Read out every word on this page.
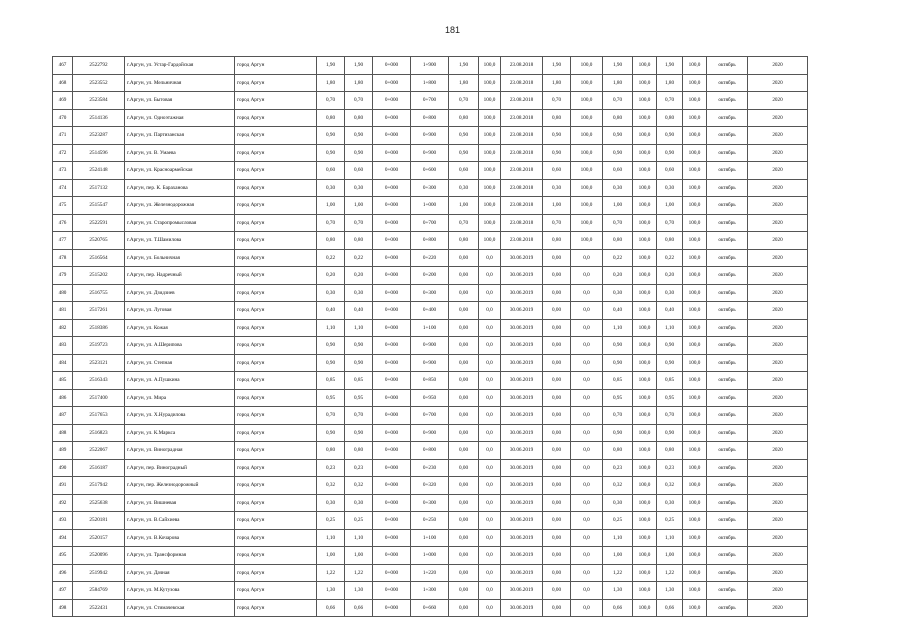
181
467	2522792	г.Аргун, ул. Устар-Гардойская	город Аргун	1,90	1,90	0+000	1+900	1,90	100,0	23.08.2018	1,90	100,0	1,90	100,0	1,90	100,0	октябрь	2020
468	2523552	г.Аргун, ул. Мельничная	город Аргун	1,80	1,80	0+000	1+800	1,80	100,0	23.08.2018	1,80	100,0	1,80	100,0	1,80	100,0	октябрь	2020
469	2523584	г.Аргун, ул. Бытовая	город Аргун	0,70	0,70	0+000	0+700	0,70	100,0	23.08.2018	0,70	100,0	0,70	100,0	0,70	100,0	октябрь	2020
470	2514136	г.Аргун, ул. Одноэтажная	город Аргун	0,80	0,80	0+000	0+800	0,80	100,0	23.08.2018	0,80	100,0	0,80	100,0	0,80	100,0	октябрь	2020
471	2523287	г.Аргун, ул. Партизанская	город Аргун	0,90	0,90	0+000	0+900	0,90	100,0	23.08.2018	0,90	100,0	0,90	100,0	0,90	100,0	октябрь	2020
472	2514596	г.Аргун, ул. В. Умаева	город Аргун	0,90	0,90	0+000	0+900	0,90	100,0	23.08.2018	0,90	100,0	0,90	100,0	0,90	100,0	октябрь	2020
473	2524148	г.Аргун, ул. Красноармейская	город Аргун	0,60	0,60	0+000	0+600	0,60	100,0	23.08.2018	0,60	100,0	0,60	100,0	0,60	100,0	октябрь	2020
474	2517132	г.Аргун, пер. К. Бараханова	город Аргун	0,30	0,30	0+000	0+300	0,30	100,0	23.08.2018	0,30	100,0	0,30	100,0	0,30	100,0	октябрь	2020
475	2515547	г.Аргун, ул. Железнодорожная	город Аргун	1,00	1,00	0+000	1+000	1,00	100,0	23.08.2018	1,00	100,0	1,00	100,0	1,00	100,0	октябрь	2020
476	2522591	г.Аргун, ул. Старопромысловая	город Аргун	0,70	0,70	0+000	0+700	0,70	100,0	23.08.2018	0,70	100,0	0,70	100,0	0,70	100,0	октябрь	2020
477	2520765	г.Аргун, ул. Т.Шамилова	город Аргун	0,80	0,80	0+000	0+800	0,80	100,0	23.08.2018	0,80	100,0	0,80	100,0	0,80	100,0	октябрь	2020
478	2516564	г.Аргун, ул. Больничная	город Аргун	0,22	0,22	0+000	0+220	0,00	0,0	30.06.2019	0,00	0,0	0,22	100,0	0,22	100,0	октябрь	2020
479	2515202	г.Аргун, пер. Надречный	город Аргун	0,20	0,20	0+000	0+200	0,00	0,0	30.06.2019	0,00	0,0	0,20	100,0	0,20	100,0	октябрь	2020
480	2516755	г.Аргун, ул. Дзидзиев	город Аргун	0,30	0,30	0+000	0+300	0,00	0,0	30.06.2019	0,00	0,0	0,30	100,0	0,30	100,0	октябрь	2020
481	2517261	г.Аргун, ул. Луговая	город Аргун	0,40	0,40	0+000	0+400	0,00	0,0	30.06.2019	0,00	0,0	0,40	100,0	0,40	100,0	октябрь	2020
482	2518386	г.Аргун, ул. Кожая	город Аргун	1,10	1,10	0+000	1+100	0,00	0,0	30.06.2019	0,00	0,0	1,10	100,0	1,10	100,0	октябрь	2020
483	2519723	г.Аргун, ул. А.Шерипова	город Аргун	0,90	0,90	0+000	0+900	0,00	0,0	30.06.2019	0,00	0,0	0,90	100,0	0,90	100,0	октябрь	2020
484	2523121	г.Аргун, ул. Степная	город Аргун	0,90	0,90	0+000	0+900	0,00	0,0	30.06.2019	0,00	0,0	0,90	100,0	0,90	100,0	октябрь	2020
485	2516343	г.Аргун, ул. А.Пушкина	город Аргун	0,85	0,85	0+000	0+850	0,00	0,0	30.06.2019	0,00	0,0	0,85	100,0	0,85	100,0	октябрь	2020
486	2517400	г.Аргун, ул. Мира	город Аргун	0,95	0,95	0+000	0+950	0,00	0,0	30.06.2019	0,00	0,0	0,95	100,0	0,95	100,0	октябрь	2020
487	2517653	г.Аргун, ул. Х.Нурадилова	город Аргун	0,70	0,70	0+000	0+700	0,00	0,0	30.06.2019	0,00	0,0	0,70	100,0	0,70	100,0	октябрь	2020
488	2516823	г.Аргун, ул. К.Маркса	город Аргун	0,90	0,90	0+000	0+900	0,00	0,0	30.06.2019	0,00	0,0	0,90	100,0	0,90	100,0	октябрь	2020
489	2522067	г.Аргун, ул. Виноградная	город Аргун	0,80	0,80	0+000	0+800	0,00	0,0	30.06.2019	0,00	0,0	0,80	100,0	0,80	100,0	октябрь	2020
490	2516187	г.Аргун, пер. Виноградный	город Аргун	0,23	0,23	0+000	0+230	0,00	0,0	30.06.2019	0,00	0,0	0,23	100,0	0,23	100,0	октябрь	2020
491	2517942	г.Аргун, пер. Железнодорожный	город Аргун	0,32	0,32	0+000	0+320	0,00	0,0	30.06.2019	0,00	0,0	0,32	100,0	0,32	100,0	октябрь	2020
492	2525638	г.Аргун, ул. Вишневая	город Аргун	0,30	0,30	0+000	0+300	0,00	0,0	30.06.2019	0,00	0,0	0,30	100,0	0,30	100,0	октябрь	2020
493	2520181	г.Аргун, ул. В.Сайхиева	город Аргун	0,25	0,25	0+000	0+250	0,00	0,0	30.06.2019	0,00	0,0	0,25	100,0	0,25	100,0	октябрь	2020
494	2520157	г.Аргун, ул. В.Кочарова	город Аргун	1,10	1,10	0+000	1+100	0,00	0,0	30.06.2019	0,00	0,0	1,10	100,0	1,10	100,0	октябрь	2020
495	2520096	г.Аргун, ул. Трансформная	город Аргун	1,00	1,00	0+000	1+000	0,00	0,0	30.06.2019	0,00	0,0	1,00	100,0	1,00	100,0	октябрь	2020
496	2519942	г.Аргун, ул. Дачная	город Аргун	1,22	1,22	0+000	1+220	0,00	0,0	30.06.2019	0,00	0,0	1,22	100,0	1,22	100,0	октябрь	2020
497	2584769	г.Аргун, ул. М.Кутузова	город Аргун	1,30	1,30	0+000	1+300	0,00	0,0	30.06.2019	0,00	0,0	1,30	100,0	1,30	100,0	октябрь	2020
498	2522431	г.Аргун, ул. Стимачевская	город Аргун	0,66	0,66	0+000	0+660	0,00	0,0	30.06.2019	0,00	0,0	0,66	100,0	0,66	100,0	октябрь	2020
